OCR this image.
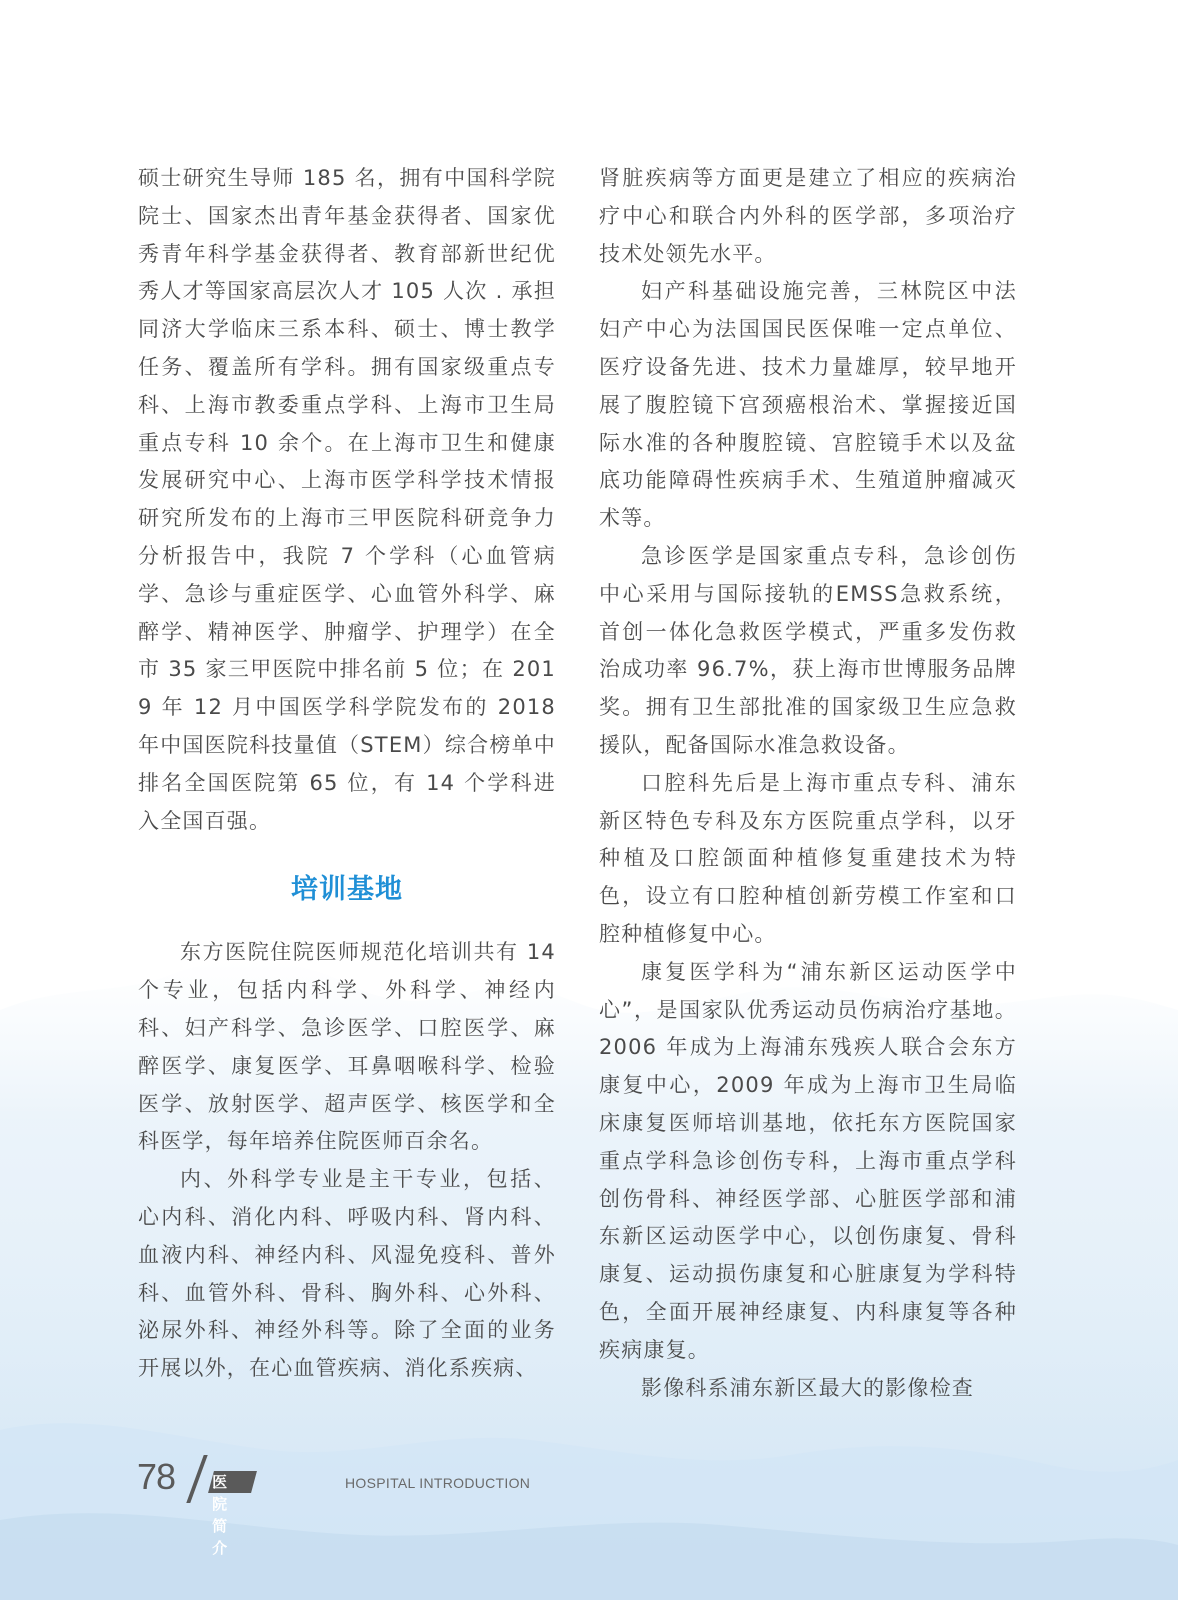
硕士研究生导师 185 名，拥有中国科学院院士、国家杰出青年基金获得者、国家优秀青年科学基金获得者、教育部新世纪优秀人才等国家高层次人才 105 人次 . 承担同济大学临床三系本科、硕士、博士教学任务、覆盖所有学科。拥有国家级重点专科、上海市教委重点学科、上海市卫生局重点专科 10 余个。在上海市卫生和健康发展研究中心、上海市医学科学技术情报研究所发布的上海市三甲医院科研竞争力分析报告中，我院 7 个学科（心血管病学、急诊与重症医学、心血管外科学、麻醉学、精神医学、肿瘤学、护理学）在全市 35 家三甲医院中排名前 5 位；在 2019 年 12 月中国医学科学院发布的 2018 年中国医院科技量值（STEM）综合榜单中排名全国医院第 65 位，有 14 个学科进入全国百强。

培训基地

东方医院住院医师规范化培训共有 14 个专业，包括内科学、外科学、神经内科、妇产科学、急诊医学、口腔医学、麻醉医学、康复医学、耳鼻咽喉科学、检验医学、放射医学、超声医学、核医学和全科医学，每年培养住院医师百余名。

内、外科学专业是主干专业，包括、心内科、消化内科、呼吸内科、肾内科、血液内科、神经内科、风湿免疫科、普外科、血管外科、骨科、胸外科、心外科、泌尿外科、神经外科等。除了全面的业务开展以外，在心血管疾病、消化系疾病、

肾脏疾病等方面更是建立了相应的疾病治疗中心和联合内外科的医学部，多项治疗技术处领先水平。

妇产科基础设施完善，三林院区中法妇产中心为法国国民医保唯一定点单位、医疗设备先进、技术力量雄厚，较早地开展了腹腔镜下宫颈癌根治术、掌握接近国际水准的各种腹腔镜、宫腔镜手术以及盆底功能障碍性疾病手术、生殖道肿瘤减灭术等。

急诊医学是国家重点专科，急诊创伤中心采用与国际接轨的EMSS急救系统，首创一体化急救医学模式，严重多发伤救治成功率 96.7%，获上海市世博服务品牌奖。拥有卫生部批准的国家级卫生应急救援队，配备国际水准急救设备。

口腔科先后是上海市重点专科、浦东新区特色专科及东方医院重点学科，以牙种植及口腔颌面种植修复重建技术为特色，设立有口腔种植创新劳模工作室和口腔种植修复中心。

康复医学科为“浦东新区运动医学中心”，是国家队优秀运动员伤病治疗基地。2006 年成为上海浦东残疾人联合会东方康复中心，2009 年成为上海市卫生局临床康复医师培训基地，依托东方医院国家重点学科急诊创伤专科，上海市重点学科创伤骨科、神经医学部、心脏医学部和浦东新区运动医学中心，以创伤康复、骨科康复、运动损伤康复和心脏康复为学科特色，全面开展神经康复、内科康复等各种疾病康复。

影像科系浦东新区最大的影像检查

78 医院简介
HOSPITAL INTRODUCTION
